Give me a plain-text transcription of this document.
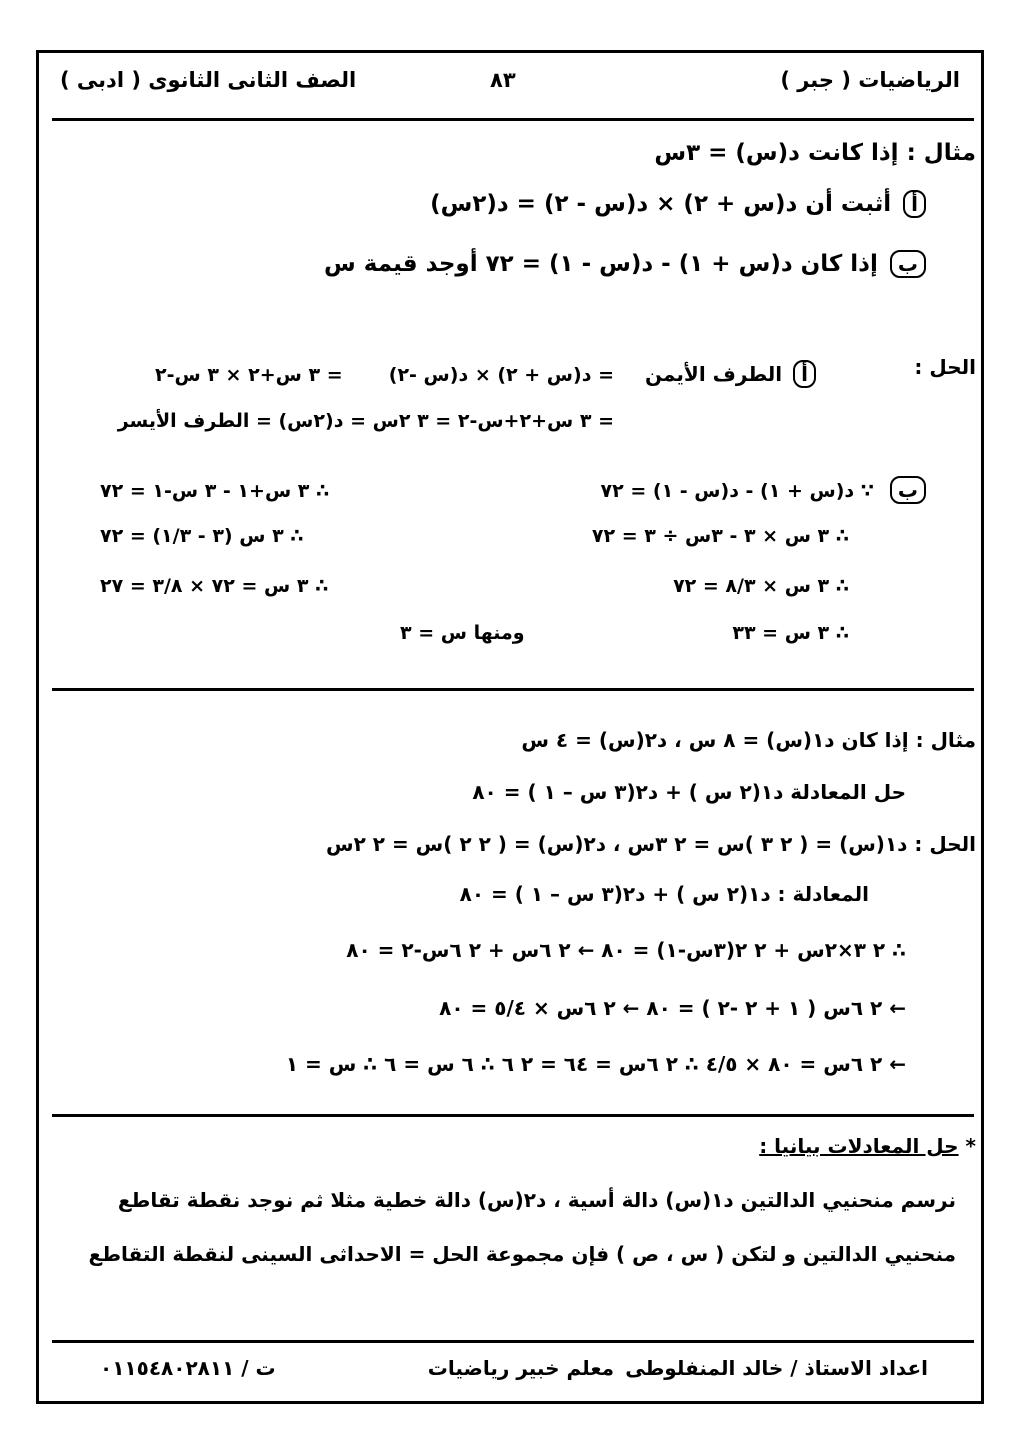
الرياضيات ( جبر )
٨٣
الصف الثانى الثانوى ( ادبى )
مثال : إذا كانت د(س) = ٣س
أ أثبت أن د(س + ٢) × د(س - ٢) = د(٢س)
ب إذا كان د(س + ١) - د(س - ١) = ٧٢ أوجد قيمة س
الحل :
أ الطرف الأيمن
= د(س + ٢) × د(س -٢)
= ٣ س+٢ × ٣ س-٢
= ٣ س+٢+س-٢ = ٣ ٢س = د(٢س) = الطرف الأيسر
ب
∵ د(س + ١) - د(س - ١) = ٧٢
∴ ٣ س+١ - ٣ س-١ = ٧٢
∴ ٣ س × ٣ - ٣س ÷ ٣ = ٧٢
∴ ٣ س (٣ - ١/٣) = ٧٢
∴ ٣ س × ٨/٣ = ٧٢
∴ ٣ س = ٧٢ × ٣/٨ = ٢٧
∴ ٣ س = ٣٣
ومنها س = ٣
مثال : إذا كان د١(س) = ٨ س ، د٢(س) = ٤ س
حل المعادلة د١(٢ س ) + د٢(٣ س – ١ ) = ٨٠
الحل : د١(س) = ( ٢ ٣ )س = ٢ ٣س ، د٢(س) = ( ٢ ٢ )س = ٢ ٢س
المعادلة : د١(٢ س ) + د٢(٣ س – ١ ) = ٨٠
∴ ٢ ٣×٢س + ٢ ٢(٣س-١) = ٨٠ ← ٢ ٦س + ٢ ٦س-٢ = ٨٠
← ٢ ٦س ( ١ + ٢ -٢ ) = ٨٠ ← ٢ ٦س × ٥/٤ = ٨٠
← ٢ ٦س = ٨٠ × ٤/٥ ∴ ٢ ٦س = ٦٤ = ٢ ٦ ∴ ٦ س = ٦ ∴ س = ١
* حل المعادلات بيانيا :
نرسم منحنيي الدالتين د١(س) دالة أسية ، د٢(س) دالة خطية مثلا ثم نوجد نقطة تقاطع
منحنيي الدالتين و لتكن ( س ، ص ) فإن مجموعة الحل = الاحداثى السينى لنقطة التقاطع
اعداد الاستاذ / خالد المنفلوطى
معلم خبير رياضيات
ت / ٠١١٥٤٨٠٢٨١١
